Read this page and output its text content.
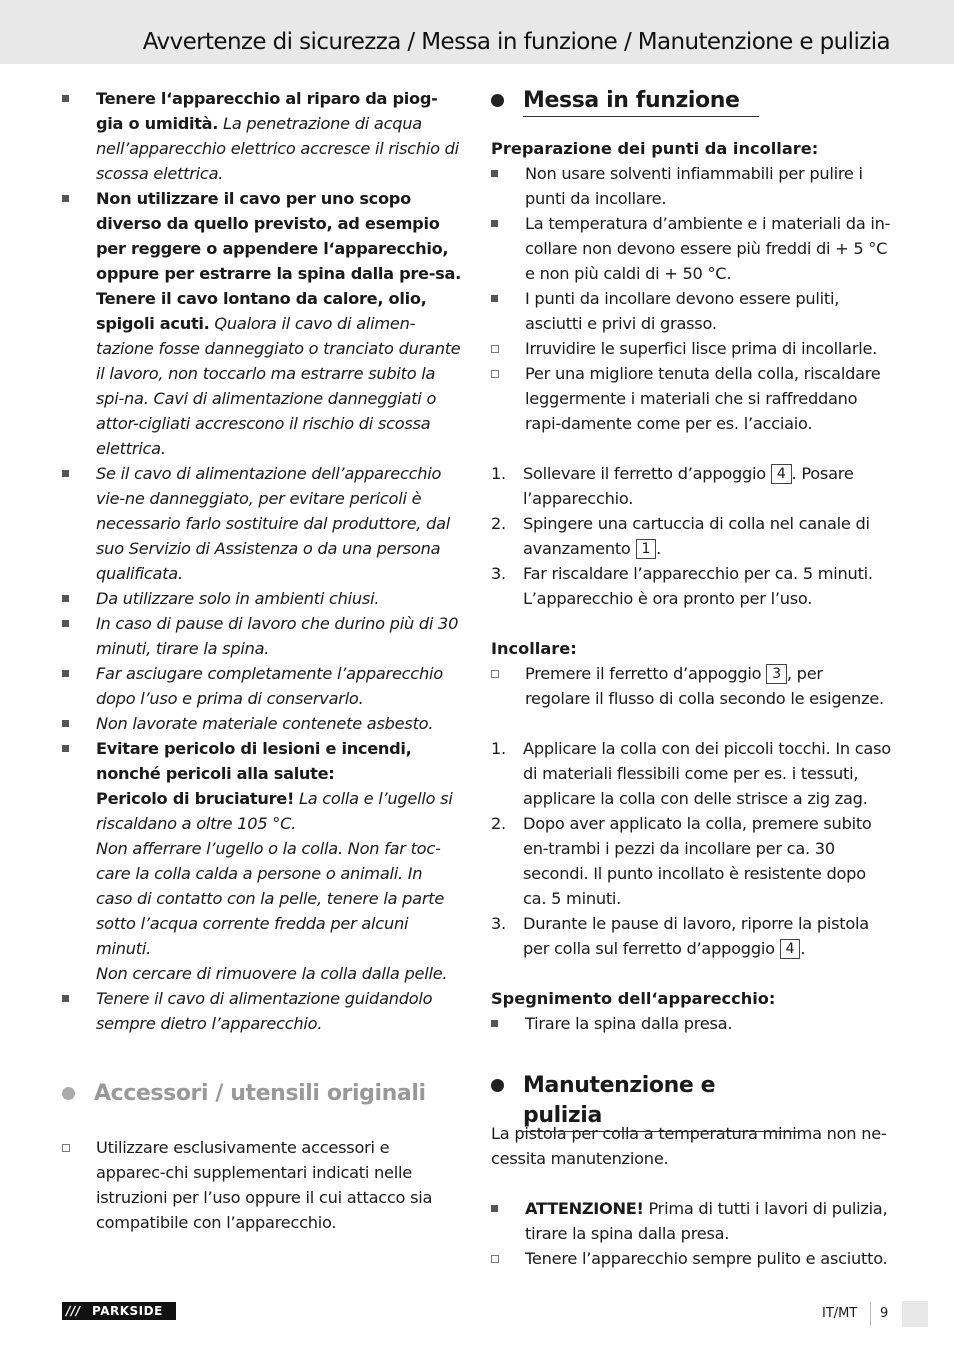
Avvertenze di sicurezza / Messa in funzione / Manutenzione e pulizia
Tenere l‘apparecchio al riparo da piog- gia o umidità. La penetrazione di acqua nell’apparecchio elettrico accresce il rischio di scossa elettrica.
Non utilizzare il cavo per uno scopo diverso da quello previsto, ad esempio per reggere o appendere l‘apparecchio, oppure per estrarre la spina dalla pre-sa. Tenere il cavo lontano da calore, olio, spigoli acuti. Qualora il cavo di alimen-tazione fosse danneggiato o tranciato durante il lavoro, non toccarlo ma estrarre subito la spi-na. Cavi di alimentazione danneggiati o attor-cigliati accrescono il rischio di scossa elettrica.
Se il cavo di alimentazione dell’apparecchio vie-ne danneggiato, per evitare pericoli è necessario farlo sostituire dal produttore, dal suo Servizio di Assistenza o da una persona qualificata.
Da utilizzare solo in ambienti chiusi.
In caso di pause di lavoro che durino più di 30 minuti, tirare la spina.
Far asciugare completamente l’apparecchio dopo l’uso e prima di conservarlo.
Non lavorate materiale contenete asbesto.
Evitare pericolo di lesioni e incendi, nonché pericoli alla salute:
Pericolo di bruciature! La colla e l’ugello si riscaldano a oltre 105 °C.
Non afferrare l’ugello o la colla. Non far toc-care la colla calda a persone o animali. In caso di contatto con la pelle, tenere la parte sotto l’acqua corrente fredda per alcuni minuti.
Non cercare di rimuovere la colla dalla pelle.
Tenere il cavo di alimentazione guidandolo sempre dietro l’apparecchio.
Accessori / utensili originali
Utilizzare esclusivamente accessori e apparec-chi supplementari indicati nelle istruzioni per l’uso oppure il cui attacco sia compatibile con l’apparecchio.
Messa in funzione
Preparazione dei punti da incollare:
Non usare solventi infiammabili per pulire i punti da incollare.
La temperatura d’ambiente e i materiali da in-collare non devono essere più freddi di + 5 °C e non più caldi di + 50 °C.
I punti da incollare devono essere puliti, asciutti e privi di grasso.
Irruvidire le superfici lisce prima di incollarle.
Per una migliore tenuta della colla, riscaldare leggermente i materiali che si raffreddano rapi-damente come per es. l’acciaio.
1. Sollevare il ferretto d’appoggio 4 . Posare l’apparecchio.
2. Spingere una cartuccia di colla nel canale di avanzamento 1 .
3. Far riscaldare l’apparecchio per ca. 5 minuti. L’apparecchio è ora pronto per l’uso.
Incollare:
Premere il ferretto d’appoggio 3 , per regolare il flusso di colla secondo le esigenze.
1. Applicare la colla con dei piccoli tocchi. In caso di materiali flessibili come per es. i tessuti, applicare la colla con delle strisce a zig zag.
2. Dopo aver applicato la colla, premere subito en-trambi i pezzi da incollare per ca. 30 secondi. Il punto incollato è resistente dopo ca. 5 minuti.
3. Durante le pause di lavoro, riporre la pistola per colla sul ferretto d’appoggio 4 .
Spegnimento dell‘apparecchio:
Tirare la spina dalla presa.
Manutenzione e pulizia
La pistola per colla a temperatura minima non ne-cessita manutenzione.
ATTENZIONE! Prima di tutti i lavori di pulizia, tirare la spina dalla presa.
Tenere l’apparecchio sempre pulito e asciutto.
/// PARKSIDE	IT/MT 9
